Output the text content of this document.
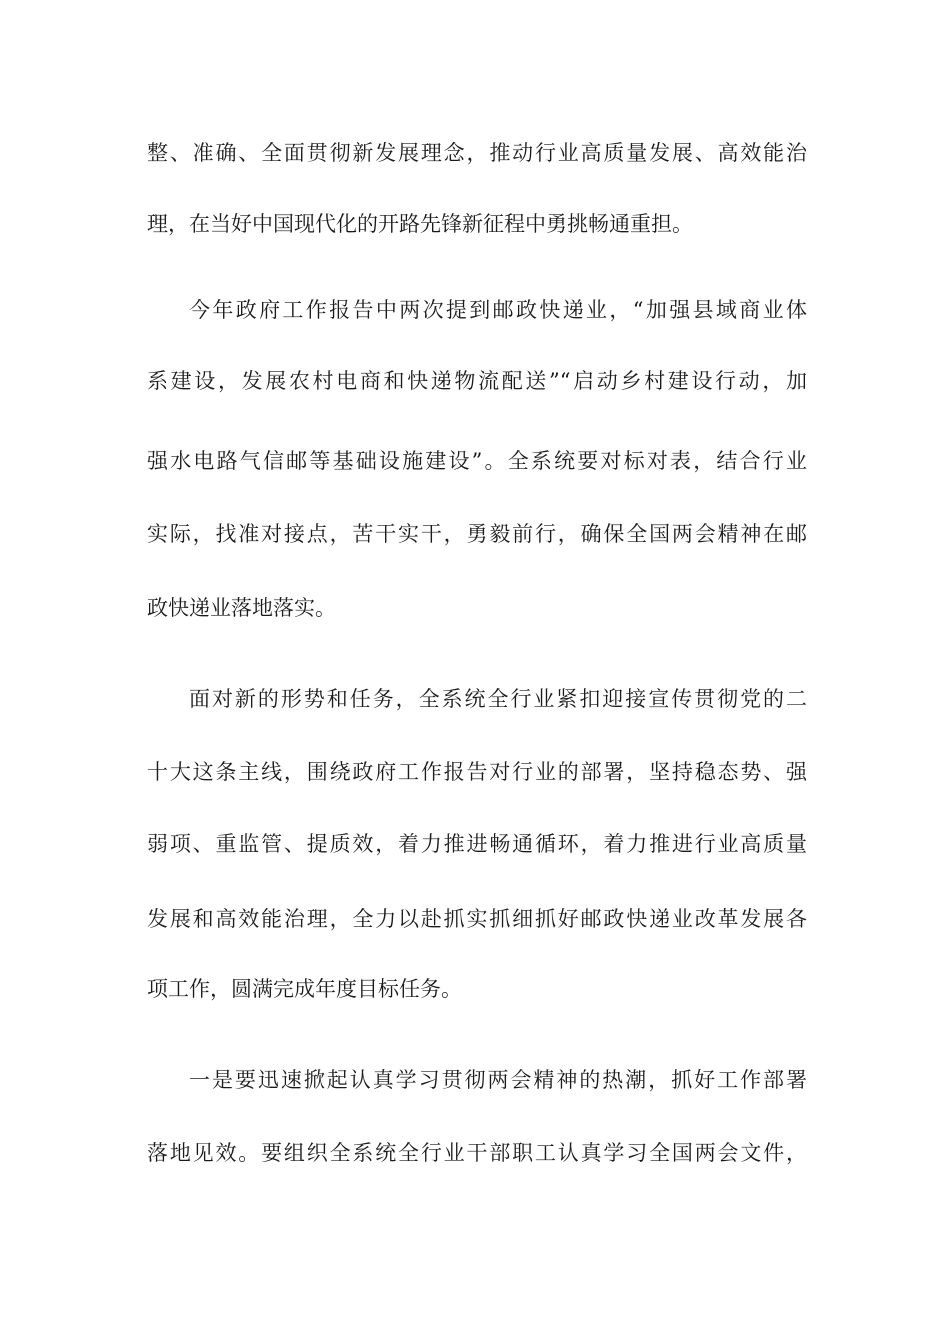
整、准确、全面贯彻新发展理念，推动行业高质量发展、高效能治
理，在当好中国现代化的开路先锋新征程中勇挑畅通重担。
今年政府工作报告中两次提到邮政快递业，“加强县域商业体
系建设，发展农村电商和快递物流配送”“启动乡村建设行动，加
强水电路气信邮等基础设施建设”。全系统要对标对表，结合行业
实际，找准对接点，苦干实干，勇毅前行，确保全国两会精神在邮
政快递业落地落实。
面对新的形势和任务，全系统全行业紧扣迎接宣传贯彻党的二
十大这条主线，围绕政府工作报告对行业的部署，坚持稳态势、强
弱项、重监管、提质效，着力推进畅通循环，着力推进行业高质量
发展和高效能治理，全力以赴抓实抓细抓好邮政快递业改革发展各
项工作，圆满完成年度目标任务。
一是要迅速掀起认真学习贯彻两会精神的热潮，抓好工作部署
落地见效。要组织全系统全行业干部职工认真学习全国两会文件，
